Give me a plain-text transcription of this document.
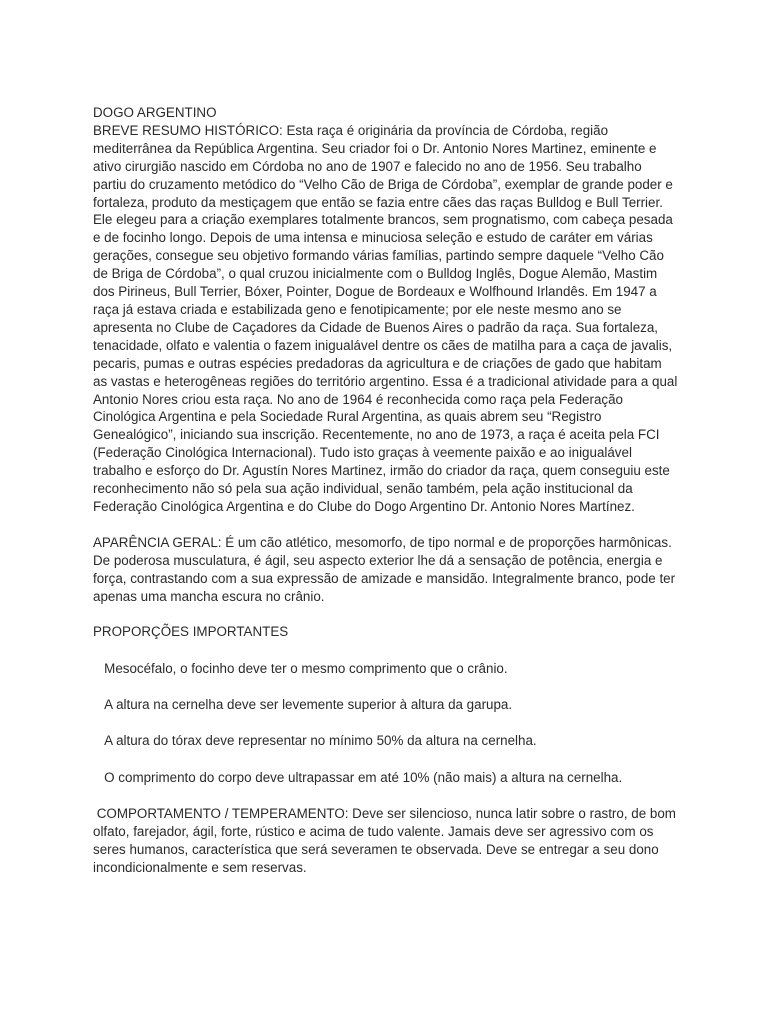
DOGO ARGENTINO

BREVE RESUMO HISTÓRICO: Esta raça é originária da província de Córdoba, região mediterrânea da República Argentina. Seu criador foi o Dr. Antonio Nores Martinez, eminente e ativo cirurgião nascido em Córdoba no ano de 1907 e falecido no ano de 1956. Seu trabalho partiu do cruzamento metódico do “Velho Cão de Briga de Córdoba”, exemplar de grande poder e fortaleza, produto da mestiçagem que então se fazia entre cães das raças Bulldog e Bull Terrier. Ele elegeu para a criação exemplares totalmente brancos, sem prognatismo, com cabeça pesada e de focinho longo. Depois de uma intensa e minuciosa seleção e estudo de caráter em várias gerações, consegue seu objetivo formando várias famílias, partindo sempre daquele “Velho Cão de Briga de Córdoba”, o qual cruzou inicialmente com o Bulldog Inglês, Dogue Alemão, Mastim dos Pirineus, Bull Terrier, Bóxer, Pointer, Dogue de Bordeaux e Wolfhound Irlandês. Em 1947 a raça já estava criada e estabilizada geno e fenotipicamente; por ele neste mesmo ano se apresenta no Clube de Caçadores da Cidade de Buenos Aires o padrão da raça. Sua fortaleza, tenacidade, olfato e valentia o fazem inigualável dentre os cães de matilha para a caça de javalis, pecaris, pumas e outras espécies predadoras da agricultura e de criações de gado que habitam as vastas e heterogêneas regiões do território argentino. Essa é a tradicional atividade para a qual Antonio Nores criou esta raça. No ano de 1964 é reconhecida como raça pela Federação Cinológica Argentina e pela Sociedade Rural Argentina, as quais abrem seu “Registro Genealógico”, iniciando sua inscrição. Recentemente, no ano de 1973, a raça é aceita pela FCI (Federação Cinológica Internacional). Tudo isto graças à veemente paixão e ao inigualável trabalho e esforço do Dr. Agustín Nores Martinez, irmão do criador da raça, quem conseguiu este reconhecimento não só pela sua ação individual, senão também, pela ação institucional da Federação Cinológica Argentina e do Clube do Dogo Argentino Dr. Antonio Nores Martínez.

APARÊNCIA GERAL: É um cão atlético, mesomorfo, de tipo normal e de proporções harmônicas. De poderosa musculatura, é ágil, seu aspecto exterior lhe dá a sensação de potência, energia e força, contrastando com a sua expressão de amizade e mansidão. Integralmente branco, pode ter apenas uma mancha escura no crânio.

PROPORÇÕES IMPORTANTES

Mesocéfalo, o focinho deve ter o mesmo comprimento que o crânio.

A altura na cernelha deve ser levemente superior à altura da garupa.

A altura do tórax deve representar no mínimo 50% da altura na cernelha.

O comprimento do corpo deve ultrapassar em até 10% (não mais) a altura na cernelha.

COMPORTAMENTO / TEMPERAMENTO: Deve ser silencioso, nunca latir sobre o rastro, de bom olfato, farejador, ágil, forte, rústico e acima de tudo valente. Jamais deve ser agressivo com os seres humanos, característica que será severamen te observada. Deve se entregar a seu dono incondicionalmente e sem reservas.
